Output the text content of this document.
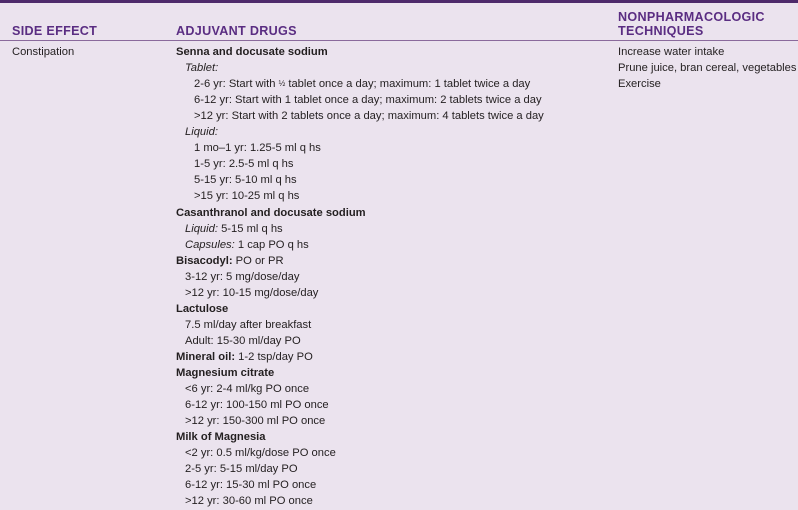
SIDE EFFECT	ADJUVANT DRUGS
NONPHARMACOLOGIC
TECHNIQUES
Constipation	Senna and docusate sodium
Tablet:
2-6 yr: Start with ½ tablet once a day; maximum: 1 tablet twice a day
6-12 yr: Start with 1 tablet once a day; maximum: 2 tablets twice a day
>12 yr: Start with 2 tablets once a day; maximum: 4 tablets twice a day
Liquid:
1 mo–1 yr: 1.25-5 ml q hs
1-5 yr: 2.5-5 ml q hs
5-15 yr: 5-10 ml q hs
>15 yr: 10-25 ml q hs
Casanthranol and docusate sodium
Liquid: 5-15 ml q hs
Capsules: 1 cap PO q hs
Bisacodyl: PO or PR
3-12 yr: 5 mg/dose/day
>12 yr: 10-15 mg/dose/day
Lactulose
7.5 ml/day after breakfast
Adult: 15-30 ml/day PO
Mineral oil: 1-2 tsp/day PO
Magnesium citrate
<6 yr: 2-4 ml/kg PO once
6-12 yr: 100-150 ml PO once
>12 yr: 150-300 ml PO once
Milk of Magnesia
<2 yr: 0.5 ml/kg/dose PO once
2-5 yr: 5-15 ml/day PO
6-12 yr: 15-30 ml PO once
>12 yr: 30-60 ml PO once
Increase water intake
Prune juice, bran cereal, vegetables
Exercise
